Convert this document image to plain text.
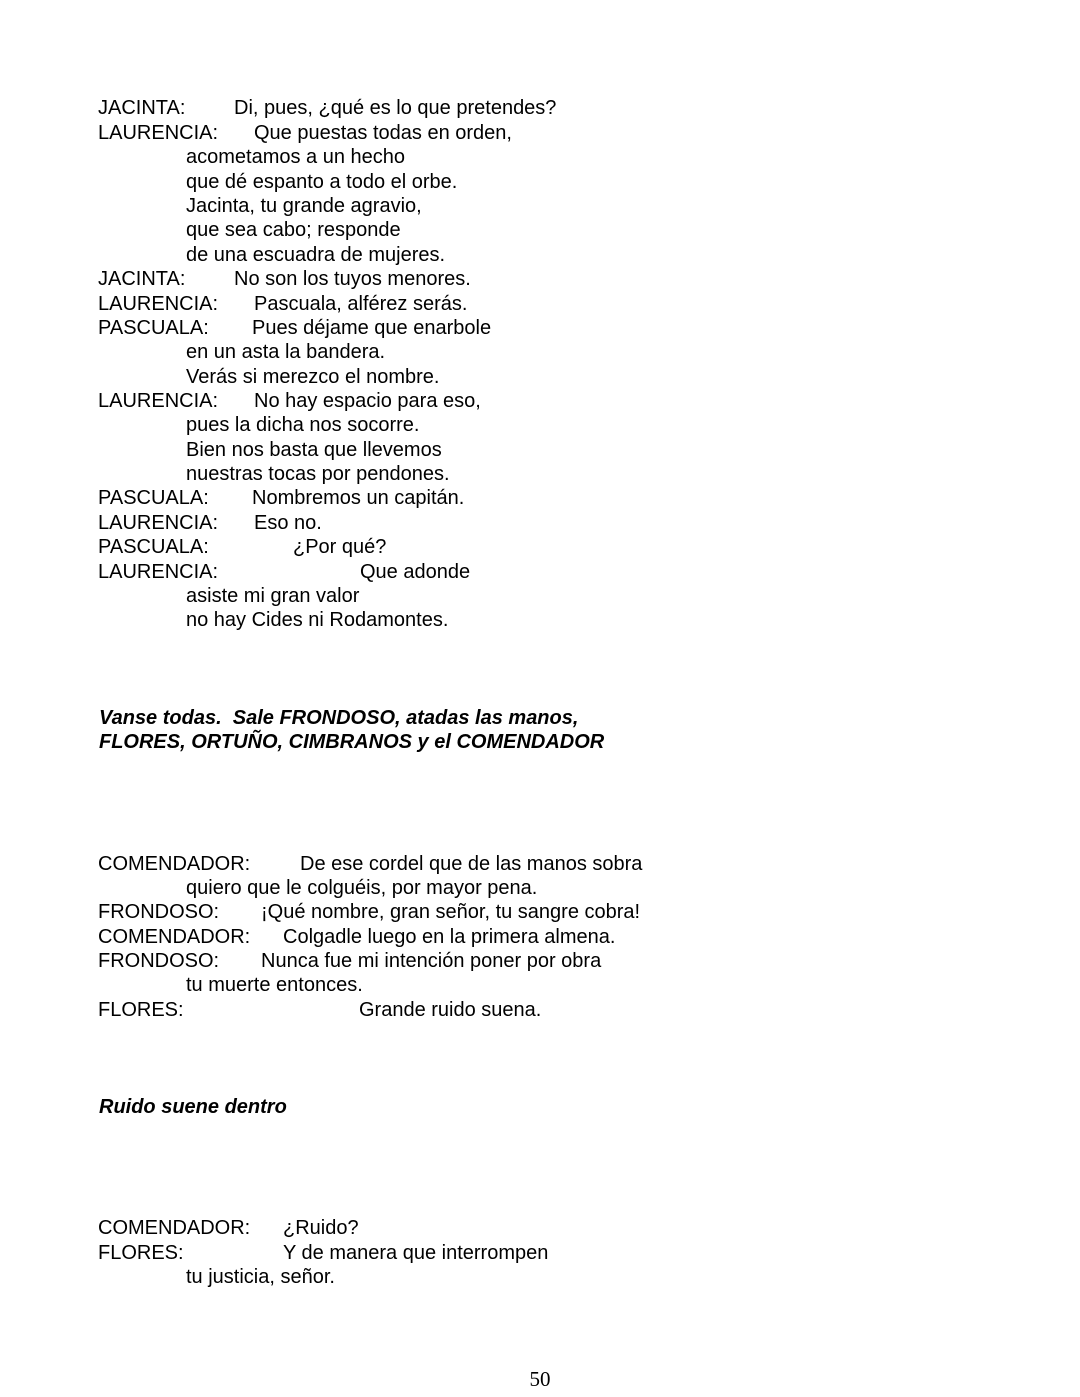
JACINTA: Di, pues, ¿qué es lo que pretendes?
LAURENCIA: Que puestas todas en orden,
acometamos a un hecho
que dé espanto a todo el orbe.
Jacinta, tu grande agravio,
que sea cabo; responde
de una escuadra de mujeres.
JACINTA: No son los tuyos menores.
LAURENCIA: Pascuala, alférez serás.
PASCUALA: Pues déjame que enarbole
en un asta la bandera.
Verás si merezco el nombre.
LAURENCIA: No hay espacio para eso,
pues la dicha nos socorre.
Bien nos basta que llevemos
nuestras tocas por pendones.
PASCUALA: Nombremos un capitán.
LAURENCIA: Eso no.
PASCUALA:	¿Por qué?
LAURENCIA:	Que adonde
asiste mi gran valor
no hay Cides ni Rodamontes.
COMENDADOR: De ese cordel que de las manos sobra
quiero que le colguéis, por mayor pena.
FRONDOSO: ¡Qué nombre, gran señor, tu sangre cobra!
COMENDADOR: Colgadle luego en la primera almena.
FRONDOSO: Nunca fue mi intención poner por obra
tu muerte entonces.
FLORES:	Grande ruido suena.
COMENDADOR: ¿Ruido?
FLORES:	Y de manera que interrompen
tu justicia, señor.
Vanse todas.  Sale FRONDOSO, atadas las manos,
FLORES, ORTUÑO, CIMBRANOS y el COMENDADOR
Ruido suene dentro
50
